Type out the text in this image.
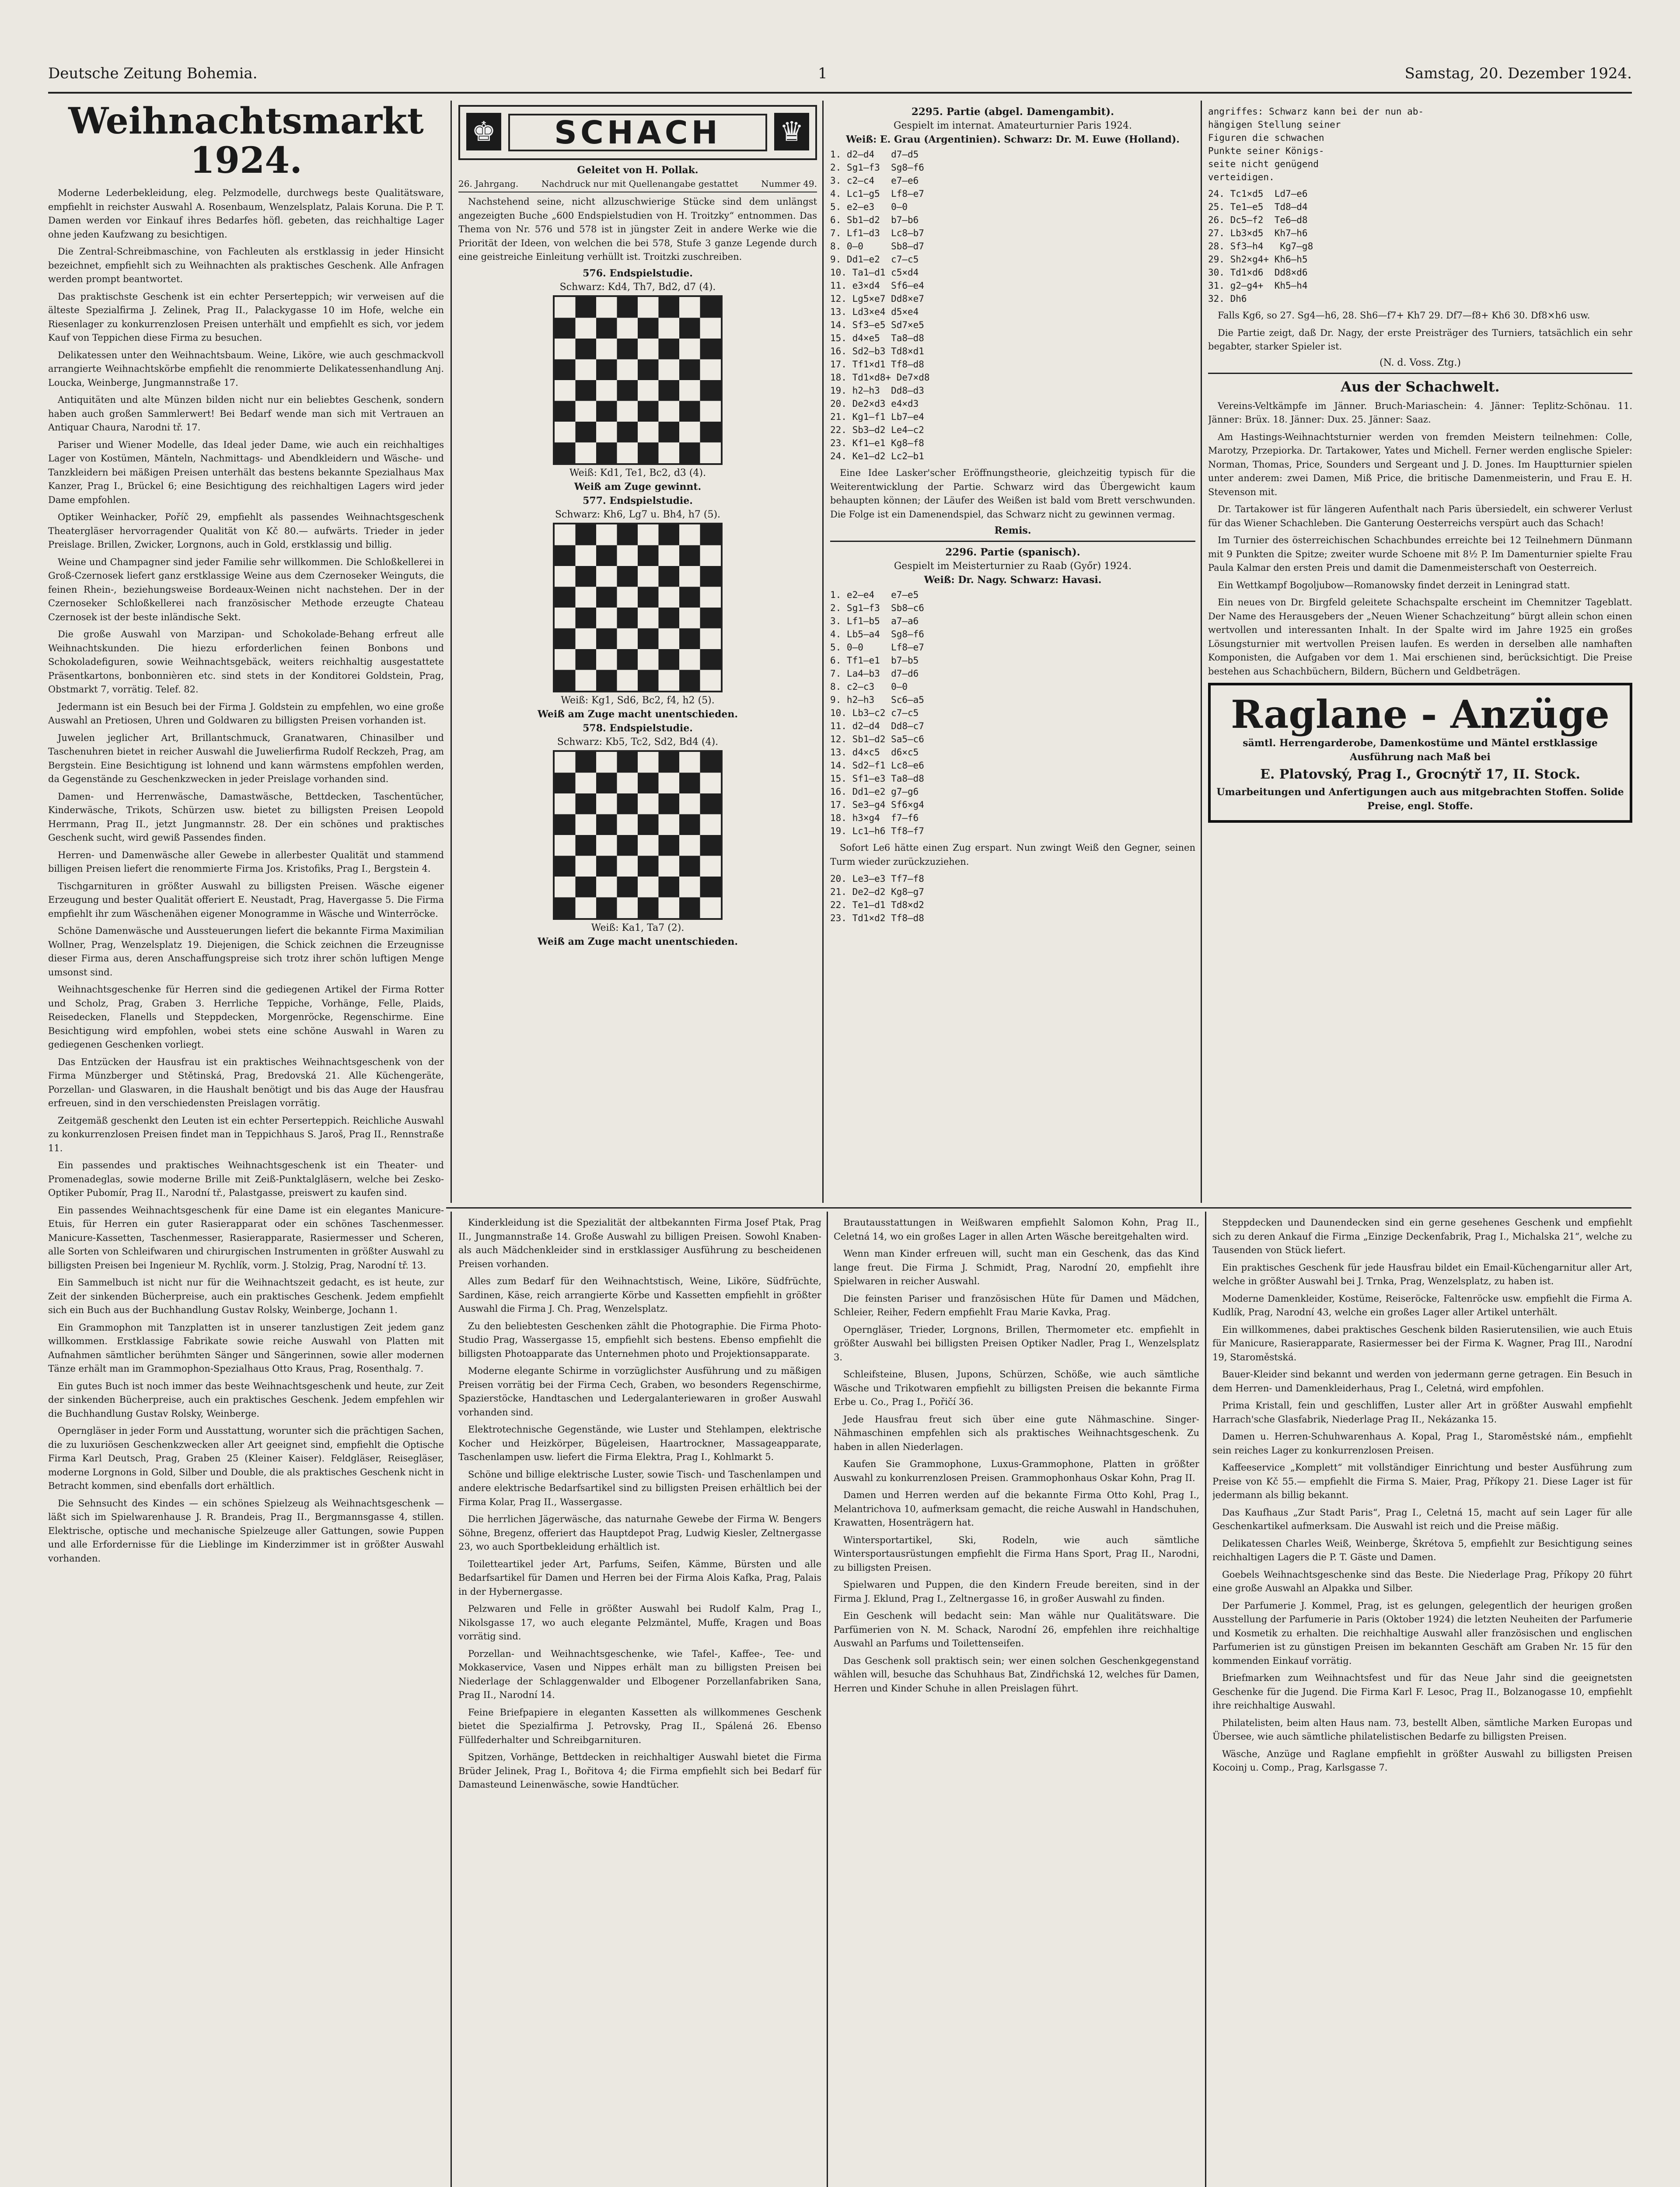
Deutsche Zeitung Bohemia.	1	Samstag, 20. Dezember 1924.
Weihnachtsmarkt 1924.

Moderne Lederbekleidung, eleg. Pelzmodelle, durchwegs beste Qualitätsware, empfiehlt in reichster Auswahl A. Rosenbaum, Wenzelsplatz, Palais Koruna. Die P. T. Damen werden vor Einkauf ihres Bedarfes höfl. gebeten, das reichhaltige Lager ohne jeden Kaufzwang zu besichtigen.

Die Zentral-Schreibmaschine, von Fachleuten als erstklassig in jeder Hinsicht bezeichnet, empfiehlt sich zu Weihnachten als praktisches Geschenk. Alle Anfragen werden prompt beantwortet.

Das praktischste Geschenk ist ein echter Perserteppich; wir verweisen auf die älteste Spezialfirma J. Zelinek, Prag II., Palackygasse 10 im Hofe, welche ein Riesenlager zu konkurrenzlosen Preisen unterhält und empfiehlt es sich, vor jedem Kauf von Teppichen diese Firma zu besuchen.

Delikatessen unter den Weihnachtsbaum. Weine, Liköre, wie auch geschmackvoll arrangierte Weihnachtskörbe empfiehlt die renommierte Delikatessenhandlung Anj. Loucka, Weinberge, Jungmannstraße 17.

Antiquitäten und alte Münzen bilden nicht nur ein beliebtes Geschenk, sondern haben auch großen Sammlerwert! Bei Bedarf wende man sich mit Vertrauen an Antiquar Chaura, Narodni tř. 17.

Pariser und Wiener Modelle, das Ideal jeder Dame, wie auch ein reichhaltiges Lager von Kostümen, Mänteln, Nachmittags- und Abendkleidern und Wäsche- und Tanzkleidern bei mäßigen Preisen unterhält das bestens bekannte Spezialhaus Max Kanzer, Prag I., Brückel 6; eine Besichtigung des reichhaltigen Lagers wird jeder Dame empfohlen.

Optiker Weinhacker, Poříč 29, empfiehlt als passendes Weihnachtsgeschenk Theatergläser hervorragender Qualität von Kč 80.— aufwärts. Trieder in jeder Preislage. Brillen, Zwicker, Lorgnons, auch in Gold, erstklassig und billig.

Weine und Champagner sind jeder Familie sehr willkommen. Die Schloßkellerei in Groß-Czernosek liefert ganz erstklassige Weine aus dem Czernoseker Weinguts, die feinen Rhein-, beziehungsweise Bordeaux-Weinen nicht nachstehen. Der in der Czernoseker Schloßkellerei nach französischer Methode erzeugte Chateau Czernosek ist der beste inländische Sekt.

Die große Auswahl von Marzipan- und Schokolade-Behang erfreut alle Weihnachtskunden. Die hiezu erforderlichen feinen Bonbons und Schokoladefiguren, sowie Weihnachtsgebäck, weiters reichhaltig ausgestattete Präsentkartons, bonbonnièren etc. sind stets in der Konditorei Goldstein, Prag, Obstmarkt 7, vorrätig. Telef. 82.

Jedermann ist ein Besuch bei der Firma J. Goldstein zu empfehlen, wo eine große Auswahl an Pretiosen, Uhren und Goldwaren zu billigsten Preisen vorhanden ist.

Juwelen jeglicher Art, Brillantschmuck, Granatwaren, Chinasilber und Taschenuhren bietet in reicher Auswahl die Juwelierfirma Rudolf Reckzeh, Prag, am Bergstein. Eine Besichtigung ist lohnend und kann wärmstens empfohlen werden, da Gegenstände zu Geschenkzwecken in jeder Preislage vorhanden sind.

Damen- und Herrenwäsche, Damastwäsche, Bettdecken, Taschentücher, Kinderwäsche, Trikots, Schürzen usw. bietet zu billigsten Preisen Leopold Herrmann, Prag II., jetzt Jungmannstr. 28. Der ein schönes und praktisches Geschenk sucht, wird gewiß Passendes finden.

Herren- und Damenwäsche aller Gewebe in allerbester Qualität und stammend billigen Preisen liefert die renommierte Firma Jos. Kristofiks, Prag I., Bergstein 4.

Tischgarnituren in größter Auswahl zu billigsten Preisen. Wäsche eigener Erzeugung und bester Qualität offeriert E. Neustadt, Prag, Havergasse 5. Die Firma empfiehlt ihr zum Wäschenähen eigener Monogramme in Wäsche und Winterröcke.

Schöne Damenwäsche und Aussteuerungen liefert die bekannte Firma Maximilian Wollner, Prag, Wenzelsplatz 19. Diejenigen, die Schick zeichnen die Erzeugnisse dieser Firma aus, deren Anschaffungspreise sich trotz ihrer schön luftigen Menge umsonst sind.

Weihnachtsgeschenke für Herren sind die gediegenen Artikel der Firma Rotter und Scholz, Prag, Graben 3. Herrliche Teppiche, Vorhänge, Felle, Plaids, Reisedecken, Flanells und Steppdecken, Morgenröcke, Regenschirme. Eine Besichtigung wird empfohlen, wobei stets eine schöne Auswahl in Waren zu gediegenen Geschenken vorliegt.

Das Entzücken der Hausfrau ist ein praktisches Weihnachtsgeschenk von der Firma Münzberger und Stětinská, Prag, Bredovská 21. Alle Küchengeräte, Porzellan- und Glaswaren, in die Haushalt benötigt und bis das Auge der Hausfrau erfreuen, sind in den verschiedensten Preislagen vorrätig.

Zeitgemäß geschenkt den Leuten ist ein echter Perserteppich. Reichliche Auswahl zu konkurrenzlosen Preisen findet man in Teppichhaus S. Jaroš, Prag II., Rennstraße 11.

Ein passendes und praktisches Weihnachtsgeschenk ist ein Theater- und Promenadeglas, sowie moderne Brille mit Zeiß-Punktalgläsern, welche bei Zesko-Optiker Pubomír, Prag II., Narodní tř., Palastgasse, preiswert zu kaufen sind.

Ein passendes Weihnachtsgeschenk für eine Dame ist ein elegantes Manicure-Etuis, für Herren ein guter Rasierapparat oder ein schönes Taschenmesser. Manicure-Kassetten, Taschenmesser, Rasierapparate, Rasiermesser und Scheren, alle Sorten von Schleifwaren und chirurgischen Instrumenten in größter Auswahl zu billigsten Preisen bei Ingenieur M. Rychlík, vorm. J. Stolzig, Prag, Narodní tř. 13.

Ein Sammelbuch ist nicht nur für die Weihnachtszeit gedacht, es ist heute, zur Zeit der sinkenden Bücherpreise, auch ein praktisches Geschenk. Jedem empfiehlt sich ein Buch aus der Buchhandlung Gustav Rolsky, Weinberge, Jochann 1.

Ein Grammophon mit Tanzplatten ist in unserer tanzlustigen Zeit jedem ganz willkommen. Erstklassige Fabrikate sowie reiche Auswahl von Platten mit Aufnahmen sämtlicher berühmten Sänger und Sängerinnen, sowie aller modernen Tänze erhält man im Grammophon-Spezialhaus Otto Kraus, Prag, Rosenthalg. 7.

Ein gutes Buch ist noch immer das beste Weihnachtsgeschenk und heute, zur Zeit der sinkenden Bücherpreise, auch ein praktisches Geschenk. Jedem empfehlen wir die Buchhandlung Gustav Rolsky, Weinberge.

Operngläser in jeder Form und Ausstattung, worunter sich die prächtigen Sachen, die zu luxuriösen Geschenkzwecken aller Art geeignet sind, empfiehlt die Optische Firma Karl Deutsch, Prag, Graben 25 (Kleiner Kaiser). Feldgläser, Reisegläser, moderne Lorgnons in Gold, Silber und Double, die als praktisches Geschenk nicht in Betracht kommen, sind ebenfalls dort erhältlich.

Die Sehnsucht des Kindes — ein schönes Spielzeug als Weihnachtsgeschenk — läßt sich im Spielwarenhause J. R. Brandeis, Prag II., Bergmannsgasse 4, stillen. Elektrische, optische und mechanische Spielzeuge aller Gattungen, sowie Puppen und alle Erfordernisse für die Lieblinge im Kinderzimmer ist in größter Auswahl vorhanden.

♚	SCHACH	♛
Geleitet von H. Pollak.
26. Jahrgang.	Nachdruck nur mit Quellenangabe gestattet	Nummer 49.

Nachstehend seine, nicht allzuschwierige Stücke sind dem unlängst angezeigten Buche „600 Endspielstudien von H. Troitzky“ entnommen. Das Thema von Nr. 576 und 578 ist in jüngster Zeit in andere Werke wie die Priorität der Ideen, von welchen die bei 578, Stufe 3 ganze Legende durch eine geistreiche Einleitung verhüllt ist. Troitzki zuschreiben.

576. Endspielstudie.
Schwarz: Kd4, Th7, Bd2, d7 (4).
Weiß: Kd1, Te1, Bc2, d3 (4).
Weiß am Zuge gewinnt.
577. Endspielstudie.
Schwarz: Kh6, Lg7 u. Bh4, h7 (5).
Weiß: Kg1, Sd6, Bc2, f4, h2 (5).
Weiß am Zuge macht unentschieden.
578. Endspielstudie.
Schwarz: Kb5, Tc2, Sd2, Bd4 (4).
Weiß: Ka1, Ta7 (2).
Weiß am Zuge macht unentschieden.
2295. Partie (abgel. Damengambit).
Gespielt im internat. Amateurturnier Paris 1924.
Weiß: E. Grau (Argentinien). Schwarz: Dr. M. Euwe (Holland).
1. d2—d4   d7—d5
2. Sg1—f3  Sg8—f6
3. c2—c4   e7—e6
4. Lc1—g5  Lf8—e7
5. e2—e3   0—0
6. Sb1—d2  b7—b6
7. Lf1—d3  Lc8—b7
8. 0—0     Sb8—d7
9. Dd1—e2  c7—c5
10. Ta1—d1 c5×d4
11. e3×d4  Sf6—e4
12. Lg5×e7 Dd8×e7
13. Ld3×e4 d5×e4
14. Sf3—e5 Sd7×e5
15. d4×e5  Ta8—d8
16. Sd2—b3 Td8×d1
17. Tf1×d1 Tf8—d8
18. Td1×d8+ De7×d8
19. h2—h3  Dd8—d3
20. De2×d3 e4×d3
21. Kg1—f1 Lb7—e4
22. Sb3—d2 Le4—c2
23. Kf1—e1 Kg8—f8
24. Ke1—d2 Lc2—b1

Eine Idee Lasker'scher Eröffnungstheorie, gleichzeitig typisch für die Weiterentwicklung der Partie. Schwarz wird das Übergewicht kaum behaupten können; der Läufer des Weißen ist bald vom Brett verschwunden. Die Folge ist ein Damenendspiel, das Schwarz nicht zu gewinnen vermag.

Remis.
2296. Partie (spanisch).
Gespielt im Meisterturnier zu Raab (Győr) 1924.
Weiß: Dr. Nagy. Schwarz: Havasi.
1. e2—e4   e7—e5
2. Sg1—f3  Sb8—c6
3. Lf1—b5  a7—a6
4. Lb5—a4  Sg8—f6
5. 0—0     Lf8—e7
6. Tf1—e1  b7—b5
7. La4—b3  d7—d6
8. c2—c3   0—0
9. h2—h3   Sc6—a5
10. Lb3—c2 c7—c5
11. d2—d4  Dd8—c7
12. Sb1—d2 Sa5—c6
13. d4×c5  d6×c5
14. Sd2—f1 Lc8—e6
15. Sf1—e3 Ta8—d8
16. Dd1—e2 g7—g6
17. Se3—g4 Sf6×g4
18. h3×g4  f7—f6
19. Lc1—h6 Tf8—f7

Sofort Le6 hätte einen Zug erspart. Nun zwingt Weiß den Gegner, seinen Turm wieder zurückzuziehen.

20. Le3—e3 Tf7—f8
21. De2—d2 Kg8—g7
22. Te1—d1 Td8×d2
23. Td1×d2 Tf8—d8
angriffes: Schwarz kann bei der nun ab-
hängigen Stellung seiner
Figuren die schwachen
Punkte seiner Königs-
seite nicht genügend
verteidigen.
24. Tc1×d5  Ld7—e6
25. Te1—e5  Td8—d4
26. Dc5—f2  Te6—d8
27. Lb3×d5  Kh7—h6
28. Sf3—h4   Kg7—g8
29. Sh2×g4+ Kh6—h5
30. Td1×d6  Dd8×d6
31. g2—g4+  Kh5—h4
32. Dh6

Falls Kg6, so 27. Sg4—h6, 28. Sh6—f7+ Kh7 29. Df7—f8+ Kh6 30. Df8×h6 usw.

Die Partie zeigt, daß Dr. Nagy, der erste Preisträger des Turniers, tatsächlich ein sehr begabter, starker Spieler ist.

(N. d. Voss. Ztg.)
Aus der Schachwelt.

Vereins-Veltkämpfe im Jänner. Bruch-Mariaschein: 4. Jänner: Teplitz-Schönau. 11. Jänner: Brüx. 18. Jänner: Dux. 25. Jänner: Saaz.

Am Hastings-Weihnachtsturnier werden von fremden Meistern teilnehmen: Colle, Marotzy, Przepiorka. Dr. Tartakower, Yates und Michell. Ferner werden englische Spieler: Norman, Thomas, Price, Sounders und Sergeant und J. D. Jones. Im Hauptturnier spielen unter anderem: zwei Damen, Miß Price, die britische Damenmeisterin, und Frau E. H. Stevenson mit.

Dr. Tartakower ist für längeren Aufenthalt nach Paris übersiedelt, ein schwerer Verlust für das Wiener Schachleben. Die Ganterung Oesterreichs verspürt auch das Schach!

Im Turnier des österreichischen Schachbundes erreichte bei 12 Teilnehmern Dünmann mit 9 Punkten die Spitze; zweiter wurde Schoene mit 8½ P. Im Damenturnier spielte Frau Paula Kalmar den ersten Preis und damit die Damenmeisterschaft von Oesterreich.

Ein Wettkampf Bogoljubow—Romanowsky findet derzeit in Leningrad statt.

Ein neues von Dr. Birgfeld geleitete Schachspalte erscheint im Chemnitzer Tageblatt. Der Name des Herausgebers der „Neuen Wiener Schachzeitung“ bürgt allein schon einen wertvollen und interessanten Inhalt. In der Spalte wird im Jahre 1925 ein großes Lösungsturnier mit wertvollen Preisen laufen. Es werden in derselben alle namhaften Komponisten, die Aufgaben vor dem 1. Mai erschienen sind, berücksichtigt. Die Preise bestehen aus Schachbüchern, Bildern, Büchern und Geldbeträgen.

Raglane - Anzüge
sämtl. Herrengarderobe, Damenkostüme und Mäntel erstklassige Ausführung nach Maß bei
E. Platovský, Prag I., Grocnýtř 17, II. Stock.
Umarbeitungen und Anfertigungen auch aus mitgebrachten Stoffen. Solide Preise, engl. Stoffe.

Kinderkleidung ist die Spezialität der altbekannten Firma Josef Ptak, Prag II., Jungmannstraße 14. Große Auswahl zu billigen Preisen. Sowohl Knaben- als auch Mädchenkleider sind in erstklassiger Ausführung zu bescheidenen Preisen vorhanden.

Alles zum Bedarf für den Weihnachtstisch, Weine, Liköre, Südfrüchte, Sardinen, Käse, reich arrangierte Körbe und Kassetten empfiehlt in größter Auswahl die Firma J. Ch. Prag, Wenzelsplatz.

Zu den beliebtesten Geschenken zählt die Photographie. Die Firma Photo-Studio Prag, Wassergasse 15, empfiehlt sich bestens. Ebenso empfiehlt die billigsten Photoapparate das Unternehmen photo und Projektionsapparate.

Moderne elegante Schirme in vorzüglichster Ausführung und zu mäßigen Preisen vorrätig bei der Firma Cech, Graben, wo besonders Regenschirme, Spazierstöcke, Handtaschen und Ledergalanteriewaren in großer Auswahl vorhanden sind.

Elektrotechnische Gegenstände, wie Luster und Stehlampen, elektrische Kocher und Heizkörper, Bügeleisen, Haartrockner, Massageapparate, Taschenlampen usw. liefert die Firma Elektra, Prag I., Kohlmarkt 5.

Schöne und billige elektrische Luster, sowie Tisch- und Taschenlampen und andere elektrische Bedarfsartikel sind zu billigsten Preisen erhältlich bei der Firma Kolar, Prag II., Wassergasse.

Die herrlichen Jägerwäsche, das naturnahe Gewebe der Firma W. Bengers Söhne, Bregenz, offeriert das Hauptdepot Prag, Ludwig Kiesler, Zeltnergasse 23, wo auch Sportbekleidung erhältlich ist.

Toiletteartikel jeder Art, Parfums, Seifen, Kämme, Bürsten und alle Bedarfsartikel für Damen und Herren bei der Firma Alois Kafka, Prag, Palais in der Hybernergasse.

Pelzwaren und Felle in größter Auswahl bei Rudolf Kalm, Prag I., Nikolsgasse 17, wo auch elegante Pelzmäntel, Muffe, Kragen und Boas vorrätig sind.

Porzellan- und Weihnachtsgeschenke, wie Tafel-, Kaffee-, Tee- und Mokkaservice, Vasen und Nippes erhält man zu billigsten Preisen bei Niederlage der Schlaggenwalder und Elbogener Porzellanfabriken Sana, Prag II., Narodní 14.

Feine Briefpapiere in eleganten Kassetten als willkommenes Geschenk bietet die Spezialfirma J. Petrovsky, Prag II., Spálená 26. Ebenso Füllfederhalter und Schreibgarnituren.

Spitzen, Vorhänge, Bettdecken in reichhaltiger Auswahl bietet die Firma Brüder Jelinek, Prag I., Bořitova 4; die Firma empfiehlt sich bei Bedarf für Damasteund Leinenwäsche, sowie Handtücher.

Brautausstattungen in Weißwaren empfiehlt Salomon Kohn, Prag II., Celetná 14, wo ein großes Lager in allen Arten Wäsche bereitgehalten wird.

Wenn man Kinder erfreuen will, sucht man ein Geschenk, das das Kind lange freut. Die Firma J. Schmidt, Prag, Narodní 20, empfiehlt ihre Spielwaren in reicher Auswahl.

Die feinsten Pariser und französischen Hüte für Damen und Mädchen, Schleier, Reiher, Federn empfiehlt Frau Marie Kavka, Prag.

Operngläser, Trieder, Lorgnons, Brillen, Thermometer etc. empfiehlt in größter Auswahl bei billigsten Preisen Optiker Nadler, Prag I., Wenzelsplatz 3.

Schleifsteine, Blusen, Jupons, Schürzen, Schöße, wie auch sämtliche Wäsche und Trikotwaren empfiehlt zu billigsten Preisen die bekannte Firma Erbe u. Co., Prag I., Pořičí 36.

Jede Hausfrau freut sich über eine gute Nähmaschine. Singer-Nähmaschinen empfehlen sich als praktisches Weihnachtsgeschenk. Zu haben in allen Niederlagen.

Kaufen Sie Grammophone, Luxus-Grammophone, Platten in größter Auswahl zu konkurrenzlosen Preisen. Grammophonhaus Oskar Kohn, Prag II.

Damen und Herren werden auf die bekannte Firma Otto Kohl, Prag I., Melantrichova 10, aufmerksam gemacht, die reiche Auswahl in Handschuhen, Krawatten, Hosenträgern hat.

Wintersportartikel, Ski, Rodeln, wie auch sämtliche Wintersportausrüstungen empfiehlt die Firma Hans Sport, Prag II., Narodni, zu billigsten Preisen.

Spielwaren und Puppen, die den Kindern Freude bereiten, sind in der Firma J. Eklund, Prag I., Zeltnergasse 16, in großer Auswahl zu finden.

Ein Geschenk will bedacht sein: Man wähle nur Qualitätsware. Die Parfümerien von N. M. Schack, Narodní 26, empfehlen ihre reichhaltige Auswahl an Parfums und Toilettenseifen.

Das Geschenk soll praktisch sein; wer einen solchen Geschenkgegenstand wählen will, besuche das Schuhhaus Bat, Zindřichská 12, welches für Damen, Herren und Kinder Schuhe in allen Preislagen führt.

Steppdecken und Daunendecken sind ein gerne gesehenes Geschenk und empfiehlt sich zu deren Ankauf die Firma „Einzige Deckenfabrik, Prag I., Michalska 21“, welche zu Tausenden von Stück liefert.

Ein praktisches Geschenk für jede Hausfrau bildet ein Email-Küchengarnitur aller Art, welche in größter Auswahl bei J. Trnka, Prag, Wenzelsplatz, zu haben ist.

Moderne Damenkleider, Kostüme, Reiseröcke, Faltenröcke usw. empfiehlt die Firma A. Kudlík, Prag, Narodní 43, welche ein großes Lager aller Artikel unterhält.

Ein willkommenes, dabei praktisches Geschenk bilden Rasierutensilien, wie auch Etuis für Manicure, Rasierapparate, Rasiermesser bei der Firma K. Wagner, Prag III., Narodní 19, Staroměstská.

Bauer-Kleider sind bekannt und werden von jedermann gerne getragen. Ein Besuch in dem Herren- und Damenkleiderhaus, Prag I., Celetná, wird empfohlen.

Prima Kristall, fein und geschliffen, Luster aller Art in größter Auswahl empfiehlt Harrach'sche Glasfabrik, Niederlage Prag II., Nekázanka 15.

Damen u. Herren-Schuhwarenhaus A. Kopal, Prag I., Staroměstské nám., empfiehlt sein reiches Lager zu konkurrenzlosen Preisen.

Kaffeeservice „Komplett“ mit vollständiger Einrichtung und bester Ausführung zum Preise von Kč 55.— empfiehlt die Firma S. Maier, Prag, Příkopy 21. Diese Lager ist für jedermann als billig bekannt.

Das Kaufhaus „Zur Stadt Paris“, Prag I., Celetná 15, macht auf sein Lager für alle Geschenkartikel aufmerksam. Die Auswahl ist reich und die Preise mäßig.

Delikatessen Charles Weiß, Weinberge, Škrétova 5, empfiehlt zur Besichtigung seines reichhaltigen Lagers die P. T. Gäste und Damen.

Goebels Weihnachtsgeschenke sind das Beste. Die Niederlage Prag, Příkopy 20 führt eine große Auswahl an Alpakka und Silber.

Der Parfumerie J. Kommel, Prag, ist es gelungen, gelegentlich der heurigen großen Ausstellung der Parfumerie in Paris (Oktober 1924) die letzten Neuheiten der Parfumerie und Kosmetik zu erhalten. Die reichhaltige Auswahl aller französischen und englischen Parfumerien ist zu günstigen Preisen im bekannten Geschäft am Graben Nr. 15 für den kommenden Einkauf vorrätig.

Briefmarken zum Weihnachtsfest und für das Neue Jahr sind die geeignetsten Geschenke für die Jugend. Die Firma Karl F. Lesoc, Prag II., Bolzanogasse 10, empfiehlt ihre reichhaltige Auswahl.

Philatelisten, beim alten Haus nam. 73, bestellt Alben, sämtliche Marken Europas und Übersee, wie auch sämtliche philatelistischen Bedarfe zu billigsten Preisen.

Wäsche, Anzüge und Raglane empfiehlt in größter Auswahl zu billigsten Preisen Kocoinj u. Comp., Prag, Karlsgasse 7.
